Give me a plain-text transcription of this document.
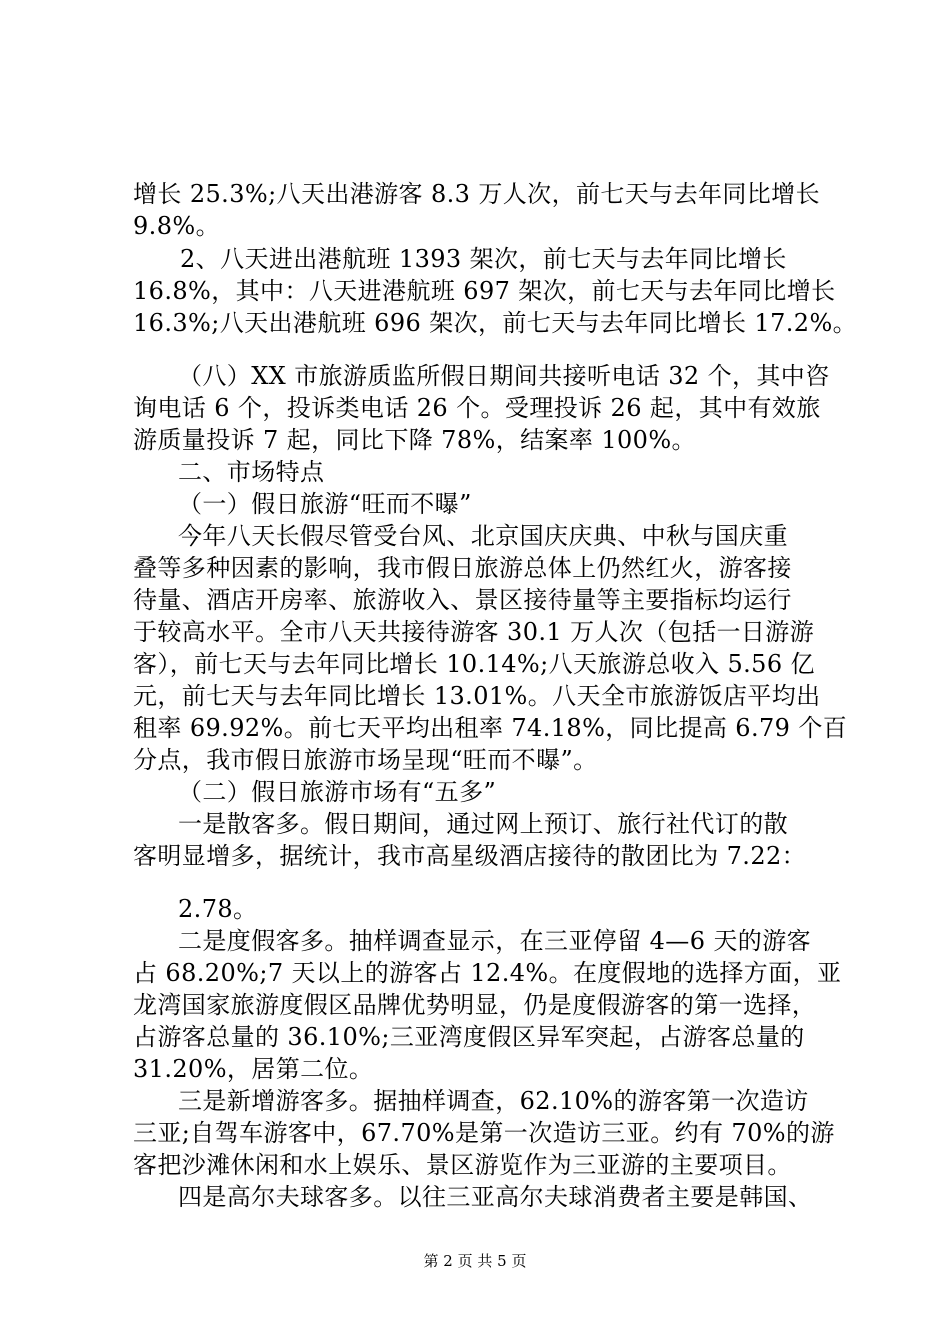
增长 25.3%;八天出港游客 8.3 万人次，前七天与去年同比增长
9.8%。
2、八天进出港航班 1393 架次，前七天与去年同比增长
16.8%，其中：八天进港航班 697 架次，前七天与去年同比增长
16.3%;八天出港航班 696 架次，前七天与去年同比增长 17.2%。
（八）XX 市旅游质监所假日期间共接听电话 32 个，其中咨
询电话 6 个，投诉类电话 26 个。受理投诉 26 起，其中有效旅
游质量投诉 7 起，同比下降 78%，结案率 100%。
二、市场特点
（一）假日旅游“旺而不曝”
今年八天长假尽管受台风、北京国庆庆典、中秋与国庆重
叠等多种因素的影响，我市假日旅游总体上仍然红火，游客接
待量、酒店开房率、旅游收入、景区接待量等主要指标均运行
于较高水平。全市八天共接待游客 30.1 万人次（包括一日游游
客），前七天与去年同比增长 10.14%;八天旅游总收入 5.56 亿
元，前七天与去年同比增长 13.01%。八天全市旅游饭店平均出
租率 69.92%。前七天平均出租率 74.18%，同比提高 6.79 个百
分点，我市假日旅游市场呈现“旺而不曝”。
（二）假日旅游市场有“五多”
一是散客多。假日期间，通过网上预订、旅行社代订的散
客明显增多，据统计，我市高星级酒店接待的散团比为 7.22：
2.78。
二是度假客多。抽样调查显示，在三亚停留 4—6 天的游客
占 68.20%;7 天以上的游客占 12.4%。在度假地的选择方面，亚
龙湾国家旅游度假区品牌优势明显，仍是度假游客的第一选择，
占游客总量的 36.10%;三亚湾度假区异军突起，占游客总量的
31.20%，居第二位。
三是新增游客多。据抽样调查，62.10%的游客第一次造访
三亚;自驾车游客中，67.70%是第一次造访三亚。约有 70%的游
客把沙滩休闲和水上娱乐、景区游览作为三亚游的主要项目。
四是高尔夫球客多。以往三亚高尔夫球消费者主要是韩国、
第 2 页 共 5 页
